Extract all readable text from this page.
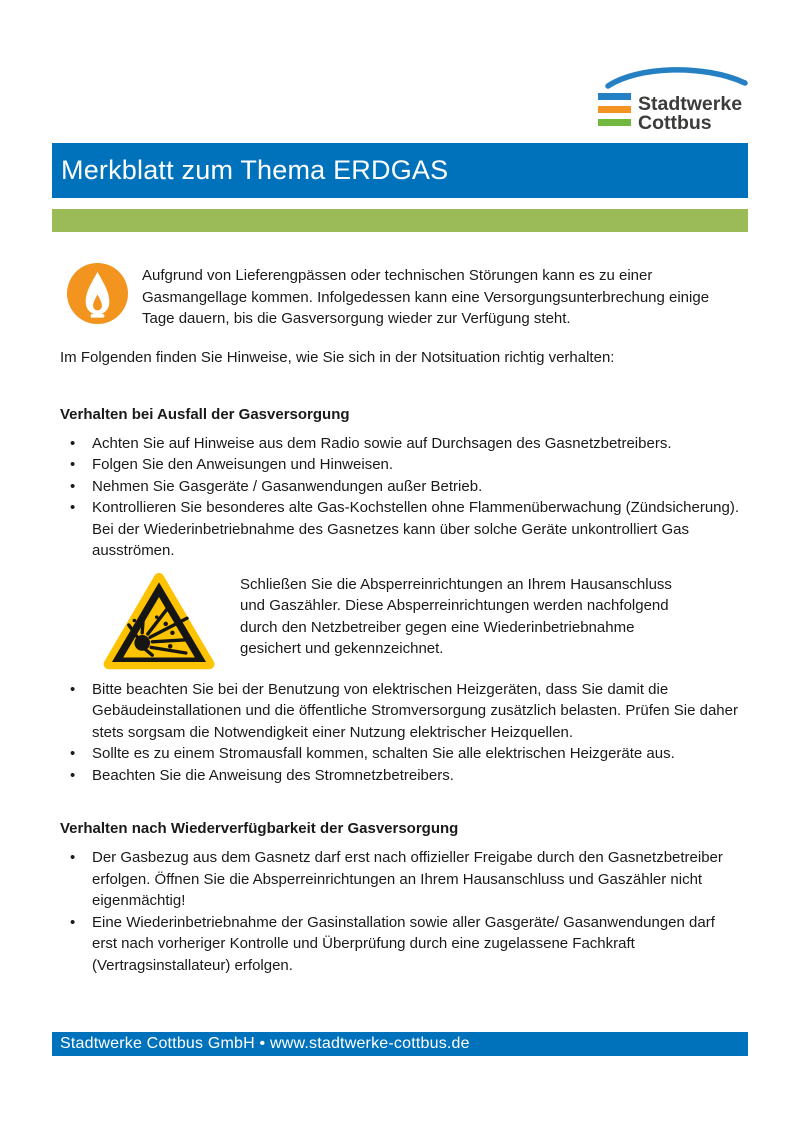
Stadtwerke
Cottbus
Merkblatt zum Thema ERDGAS

Aufgrund von Lieferengpässen oder technischen Störungen kann es zu einer Gasmangellage kommen. Infolgedessen kann eine Versorgungsunterbrechung einige Tage dauern, bis die Gasversorgung wieder zur Verfügung steht.

Im Folgenden finden Sie Hinweise, wie Sie sich in der Notsituation richtig verhalten:

Verhalten bei Ausfall der Gasversorgung
• Achten Sie auf Hinweise aus dem Radio sowie auf Durchsagen des Gasnetzbetreibers.
• Folgen Sie den Anweisungen und Hinweisen.
• Nehmen Sie Gasgeräte / Gasanwendungen außer Betrieb.
• Kontrollieren Sie besonderes alte Gas-Kochstellen ohne Flammenüberwachung (Zündsicherung). Bei der Wiederinbetriebnahme des Gasnetzes kann über solche Geräte unkontrolliert Gas ausströmen.

Schließen Sie die Absperreinrichtungen an Ihrem Hausanschluss und Gaszähler. Diese Absperreinrichtungen werden nachfolgend durch den Netzbetreiber gegen eine Wiederinbetriebnahme gesichert und gekennzeichnet.

• Bitte beachten Sie bei der Benutzung von elektrischen Heizgeräten, dass Sie damit die Gebäudeinstallationen und die öffentliche Stromversorgung zusätzlich belasten. Prüfen Sie daher stets sorgsam die Notwendigkeit einer Nutzung elektrischer Heizquellen.
• Sollte es zu einem Stromausfall kommen, schalten Sie alle elektrischen Heizgeräte aus.
• Beachten Sie die Anweisung des Stromnetzbetreibers.
Verhalten nach Wiederverfügbarkeit der Gasversorgung
• Der Gasbezug aus dem Gasnetz darf erst nach offizieller Freigabe durch den Gasnetzbetreiber erfolgen. Öffnen Sie die Absperreinrichtungen an Ihrem Hausanschluss und Gaszähler nicht eigenmächtig!
• Eine Wiederinbetriebnahme der Gasinstallation sowie aller Gasgeräte/ Gasanwendungen darf erst nach vorheriger Kontrolle und Überprüfung durch eine zugelassene Fachkraft (Vertragsinstallateur) erfolgen.
Stadtwerke Cottbus GmbH • www.stadtwerke-cottbus.de
